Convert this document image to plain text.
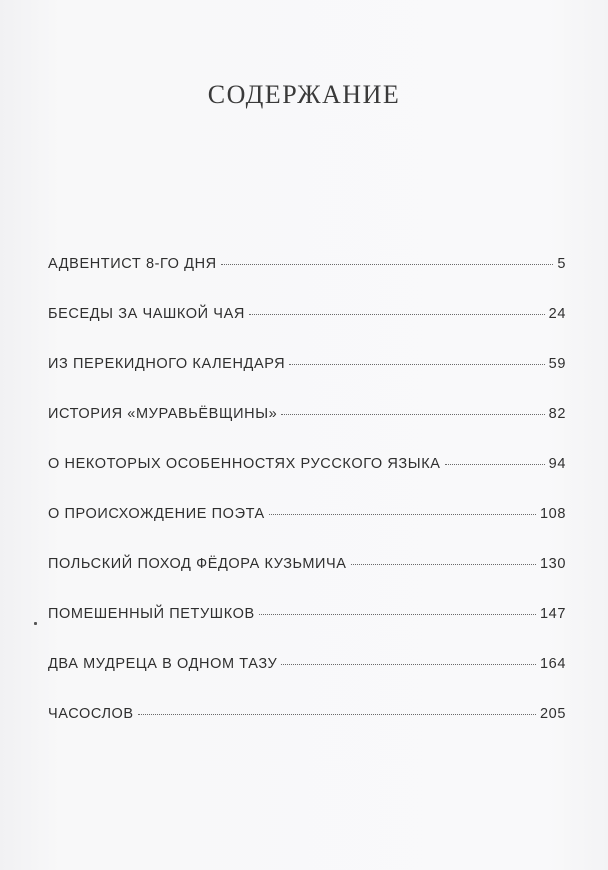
СОДЕРЖАНИЕ
АДВЕНТИСТ 8-ГО ДНЯ	5
БЕСЕДЫ ЗА ЧАШКОЙ ЧАЯ	24
ИЗ ПЕРЕКИДНОГО КАЛЕНДАРЯ	59
ИСТОРИЯ «МУРАВЬЁВЩИНЫ»	82
О НЕКОТОРЫХ ОСОБЕННОСТЯХ РУССКОГО ЯЗЫКА	94
О ПРОИСХОЖДЕНИЕ ПОЭТА	108
ПОЛЬСКИЙ ПОХОД ФЁДОРА КУЗЬМИЧА	130
ПОМЕШЕННЫЙ ПЕТУШКОВ	147
ДВА МУДРЕЦА В ОДНОМ ТАЗУ	164
ЧАСОСЛОВ	205
